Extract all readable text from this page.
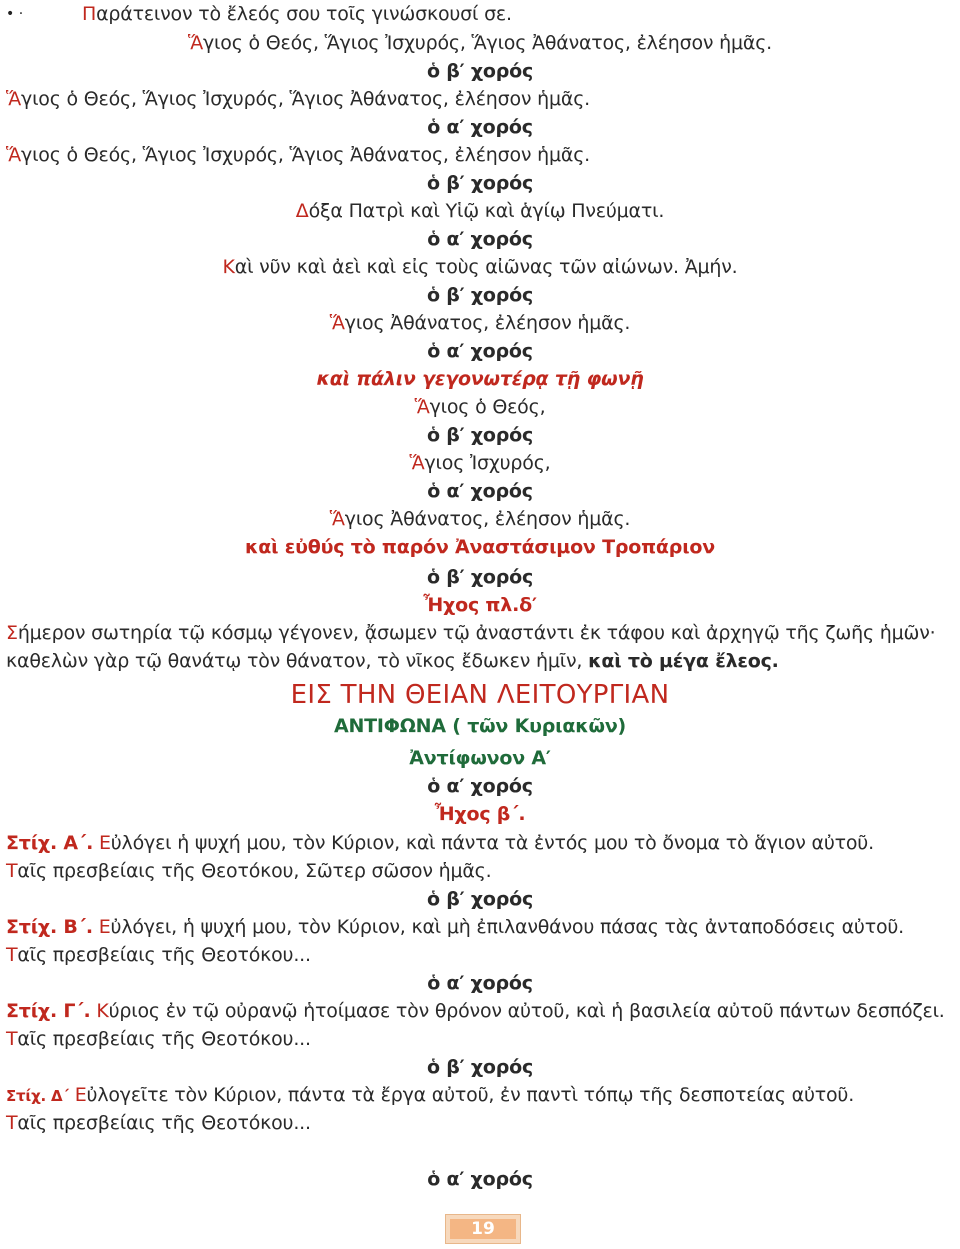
• ·	Παράτεινον τὸ ἔλεός σου τοῖς γινώσκουσί σε.
Ἅγιος ὁ Θεός, Ἅγιος Ἰσχυρός, Ἅγιος Ἀθάνατος, ἐλέησον ἡμᾶς.
ὁ β′ χορός
Ἅγιος ὁ Θεός, Ἅγιος Ἰσχυρός, Ἅγιος Ἀθάνατος, ἐλέησον ἡμᾶς.
ὁ α′ χορός
Ἅγιος ὁ Θεός, Ἅγιος Ἰσχυρός, Ἅγιος Ἀθάνατος, ἐλέησον ἡμᾶς.
ὁ β′ χορός
Δόξα Πατρὶ καὶ Υἱῷ καὶ ἁγίῳ Πνεύματι.
ὁ α′ χορός
Καὶ νῦν καὶ ἀεὶ καὶ εἰς τοὺς αἰῶνας τῶν αἰώνων. Ἀμήν.
ὁ β′ χορός
Ἅγιος Ἀθάνατος, ἐλέησον ἡμᾶς.
ὁ α′ χορός
καὶ πάλιν γεγονωτέρᾳ τῇ φωνῇ
Ἅγιος ὁ Θεός,
ὁ β′ χορός
Ἅγιος Ἰσχυρός,
ὁ α′ χορός
Ἅγιος Ἀθάνατος, ἐλέησον ἡμᾶς.
καὶ εὐθύς τὸ παρόν Ἀναστάσιμον Τροπάριον
ὁ β′ χορός
Ἦχος πλ.δ′
Σήμερον σωτηρία τῷ κόσμῳ γέγονεν, ᾄσωμεν τῷ ἀναστάντι ἐκ τάφου καὶ ἀρχηγῷ τῆς ζωῆς ἡμῶν·
καθελὼν γὰρ τῷ θανάτῳ τὸν θάνατον, τὸ νῖκος ἔδωκεν ἡμῖν, καὶ τὸ μέγα ἔλεος.
ΕΙΣ ΤΗΝ ΘΕΙΑΝ ΛΕΙΤΟΥΡΓΙΑΝ
ΑΝΤΙΦΩΝΑ ( τῶν Κυριακῶν)
Ἀντίφωνον Α′
ὁ α′ χορός
Ἦχος β΄.
Στίχ. Α΄. Εὐλόγει ἡ ψυχή μου, τὸν Κύριον, καὶ πάντα τὰ ἐντός μου τὸ ὄνομα τὸ ἅγιον αὐτοῦ.
Ταῖς πρεσβείαις τῆς Θεοτόκου, Σῶτερ σῶσον ἡμᾶς.
ὁ β′ χορός
Στίχ. Β΄. Εὐλόγει, ἡ ψυχή μου, τὸν Κύριον, καὶ μὴ ἐπιλανθάνου πάσας τὰς ἀνταποδόσεις αὐτοῦ.
Ταῖς πρεσβείαις τῆς Θεοτόκου...
ὁ α′ χορός
Στίχ. Γ΄. Κύριος ἐν τῷ οὐρανῷ ἡτοίμασε τὸν θρόνον αὐτοῦ, καὶ ἡ βασιλεία αὐτοῦ πάντων δεσπόζει.
Ταῖς πρεσβείαις τῆς Θεοτόκου...
ὁ β′ χορός
Στίχ. Δ΄ Εὐλογεῖτε τὸν Κύριον, πάντα τὰ ἔργα αὐτοῦ, ἐν παντὶ τόπῳ τῆς δεσποτείας αὐτοῦ.
Ταῖς πρεσβείαις τῆς Θεοτόκου...
ὁ α′ χορός
19
